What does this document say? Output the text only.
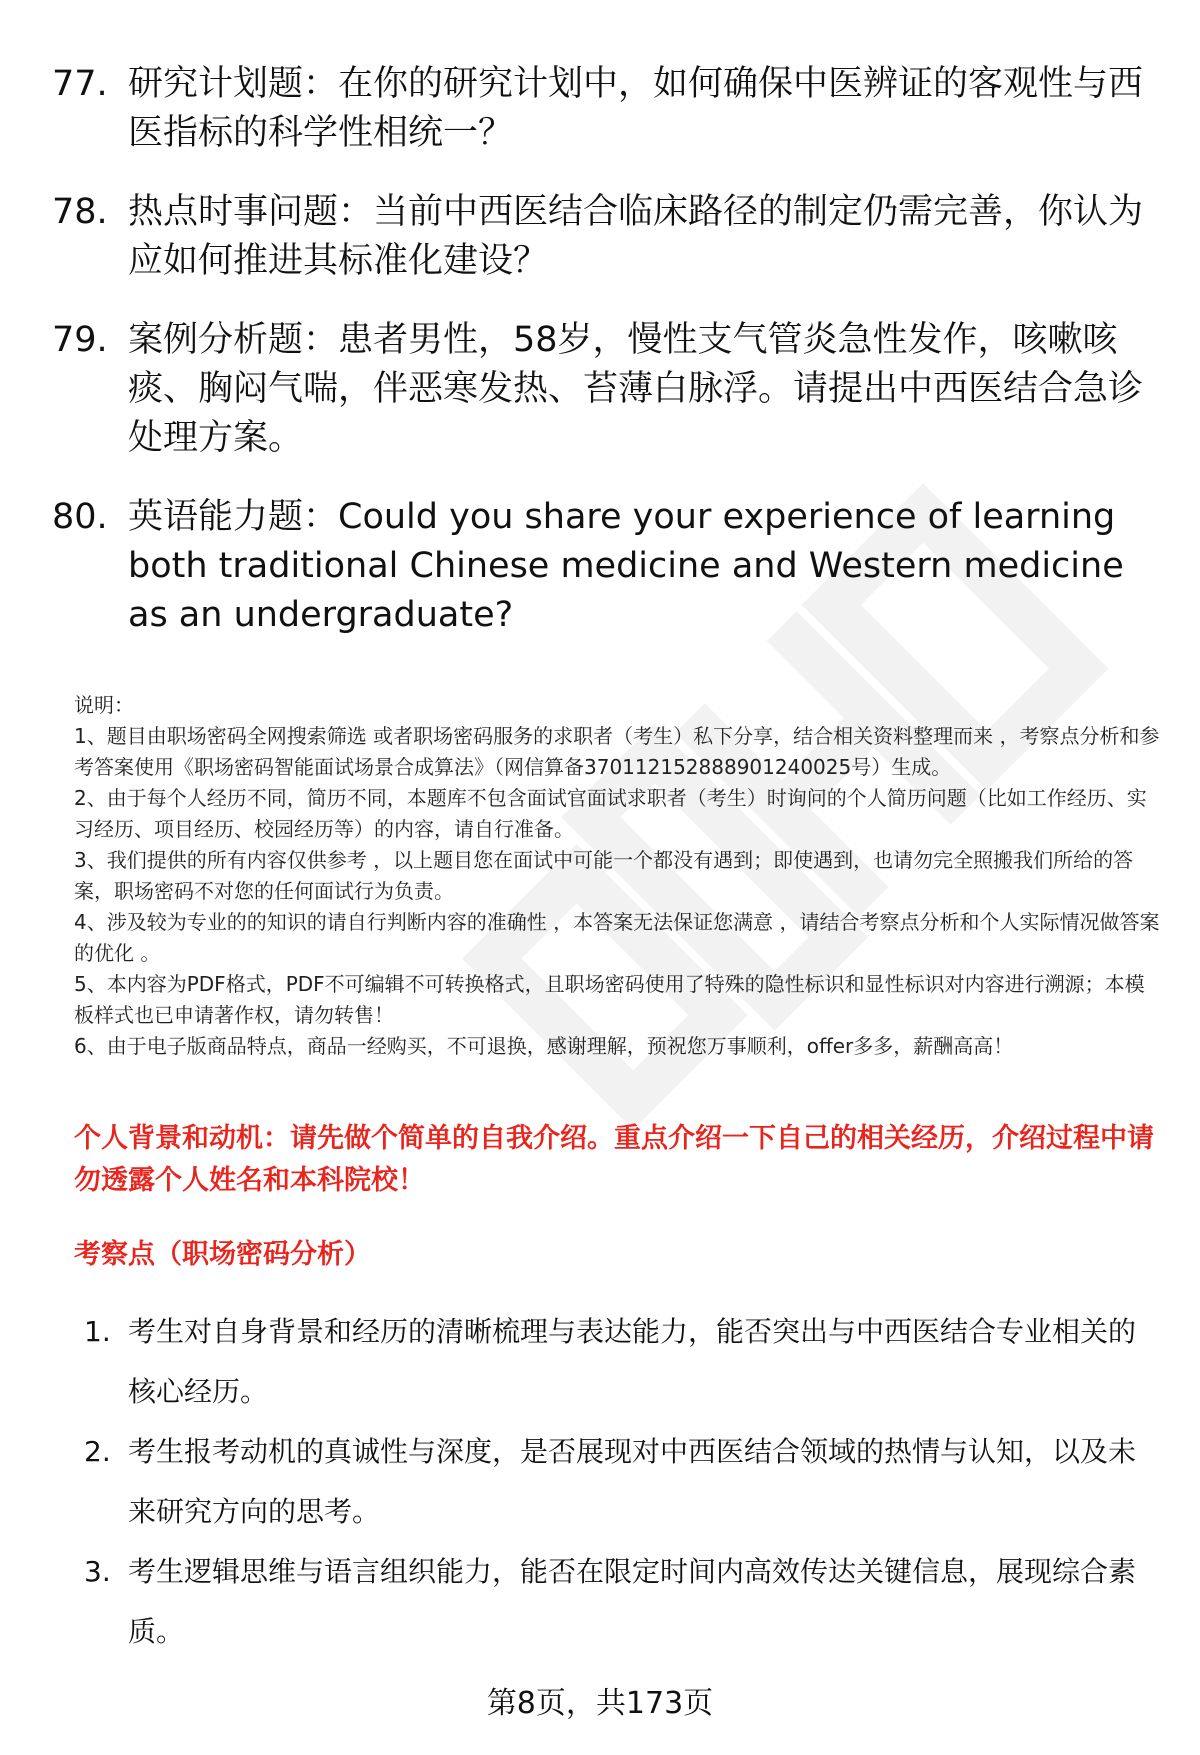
77. 研究计划题：在你的研究计划中，如何确保中医辨证的客观性与西医指标的科学性相统一？
78. 热点时事问题：当前中西医结合临床路径的制定仍需完善，你认为应如何推进其标准化建设？
79. 案例分析题：患者男性，58岁，慢性支气管炎急性发作，咳嗽咳痰、胸闷气喘，伴恶寒发热、苔薄白脉浮。请提出中西医结合急诊处理方案。
80. 英语能力题：Could you share your experience of learning both traditional Chinese medicine and Western medicine as an undergraduate?

说明：

1、题目由职场密码全网搜索筛选 或者职场密码服务的求职者（考生）私下分享，结合相关资料整理而来 ，考察点分析和参考答案使用《职场密码智能面试场景合成算法》（网信算备370112152888901240025号）生成。

2、由于每个人经历不同，简历不同，本题库不包含面试官面试求职者（考生）时询问的个人简历问题（比如工作经历、实习经历、项目经历、校园经历等）的内容，请自行准备。

3、我们提供的所有内容仅供参考 ，以上题目您在面试中可能一个都没有遇到；即使遇到，也请勿完全照搬我们所给的答案，职场密码不对您的任何面试行为负责。

4、涉及较为专业的的知识的请自行判断内容的准确性 ，本答案无法保证您满意 ，请结合考察点分析和个人实际情况做答案的优化 。

5、本内容为PDF格式，PDF不可编辑不可转换格式，且职场密码使用了特殊的隐性标识和显性标识对内容进行溯源；本模板样式也已申请著作权，请勿转售！

6、由于电子版商品特点，商品一经购买，不可退换，感谢理解，预祝您万事顺利，offer多多，薪酬高高！

个人背景和动机：请先做个简单的自我介绍。重点介绍一下自己的相关经历，介绍过程中请勿透露个人姓名和本科院校！
考察点（职场密码分析）
1. 考生对自身背景和经历的清晰梳理与表达能力，能否突出与中西医结合专业相关的核心经历。
2. 考生报考动机的真诚性与深度，是否展现对中西医结合领域的热情与认知，以及未来研究方向的思考。
3. 考生逻辑思维与语言组织能力，能否在限定时间内高效传达关键信息，展现综合素质。
第8页，共173页
